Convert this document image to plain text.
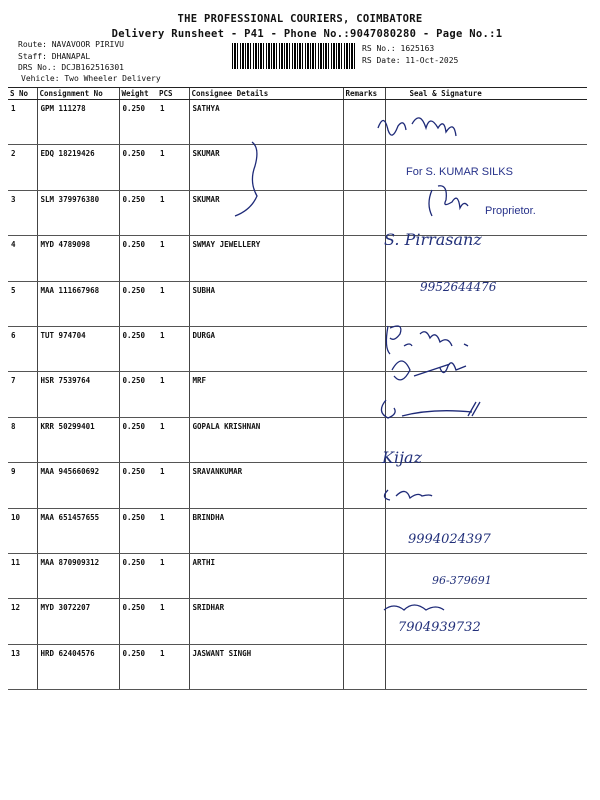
THE PROFESSIONAL COURIERS, COIMBATORE
Delivery Runsheet - P41 - Phone No.:9047080280 - Page No.:1
Route: NAVAVOOR PIRIVU
Staff: DHANAPAL
DRS No.: DCJB162516301
Vehicle: Two Wheeler Delivery
RS No.: 1625163
RS Date: 11-Oct-2025
S No	Consignment No	Weight	PCS	Consignee Details	Remarks	Seal & Signature
1	GPM 111278	0.250	1	SATHYA		
2	EDQ 18219426	0.250	1	SKUMAR		
3	SLM 379976380	0.250	1	SKUMAR		
4	MYD 4789098	0.250	1	SWMAY JEWELLERY		
5	MAA 111667968	0.250	1	SUBHA		
6	TUT 974704	0.250	1	DURGA		
7	HSR 7539764	0.250	1	MRF		
8	KRR 50299401	0.250	1	GOPALA KRISHNAN		
9	MAA 945660692	0.250	1	SRAVANKUMAR		
10	MAA 651457655	0.250	1	BRINDHA		
11	MAA 870909312	0.250	1	ARTHI		
12	MYD 3072207	0.250	1	SRIDHAR		
13	HRD 62404576	0.250	1	JASWANT SINGH		
S. Pirrasanz
9952644476
Kijaz
9994024397
96-379691
7904939732
For S. KUMAR SILKS
Proprietor.
